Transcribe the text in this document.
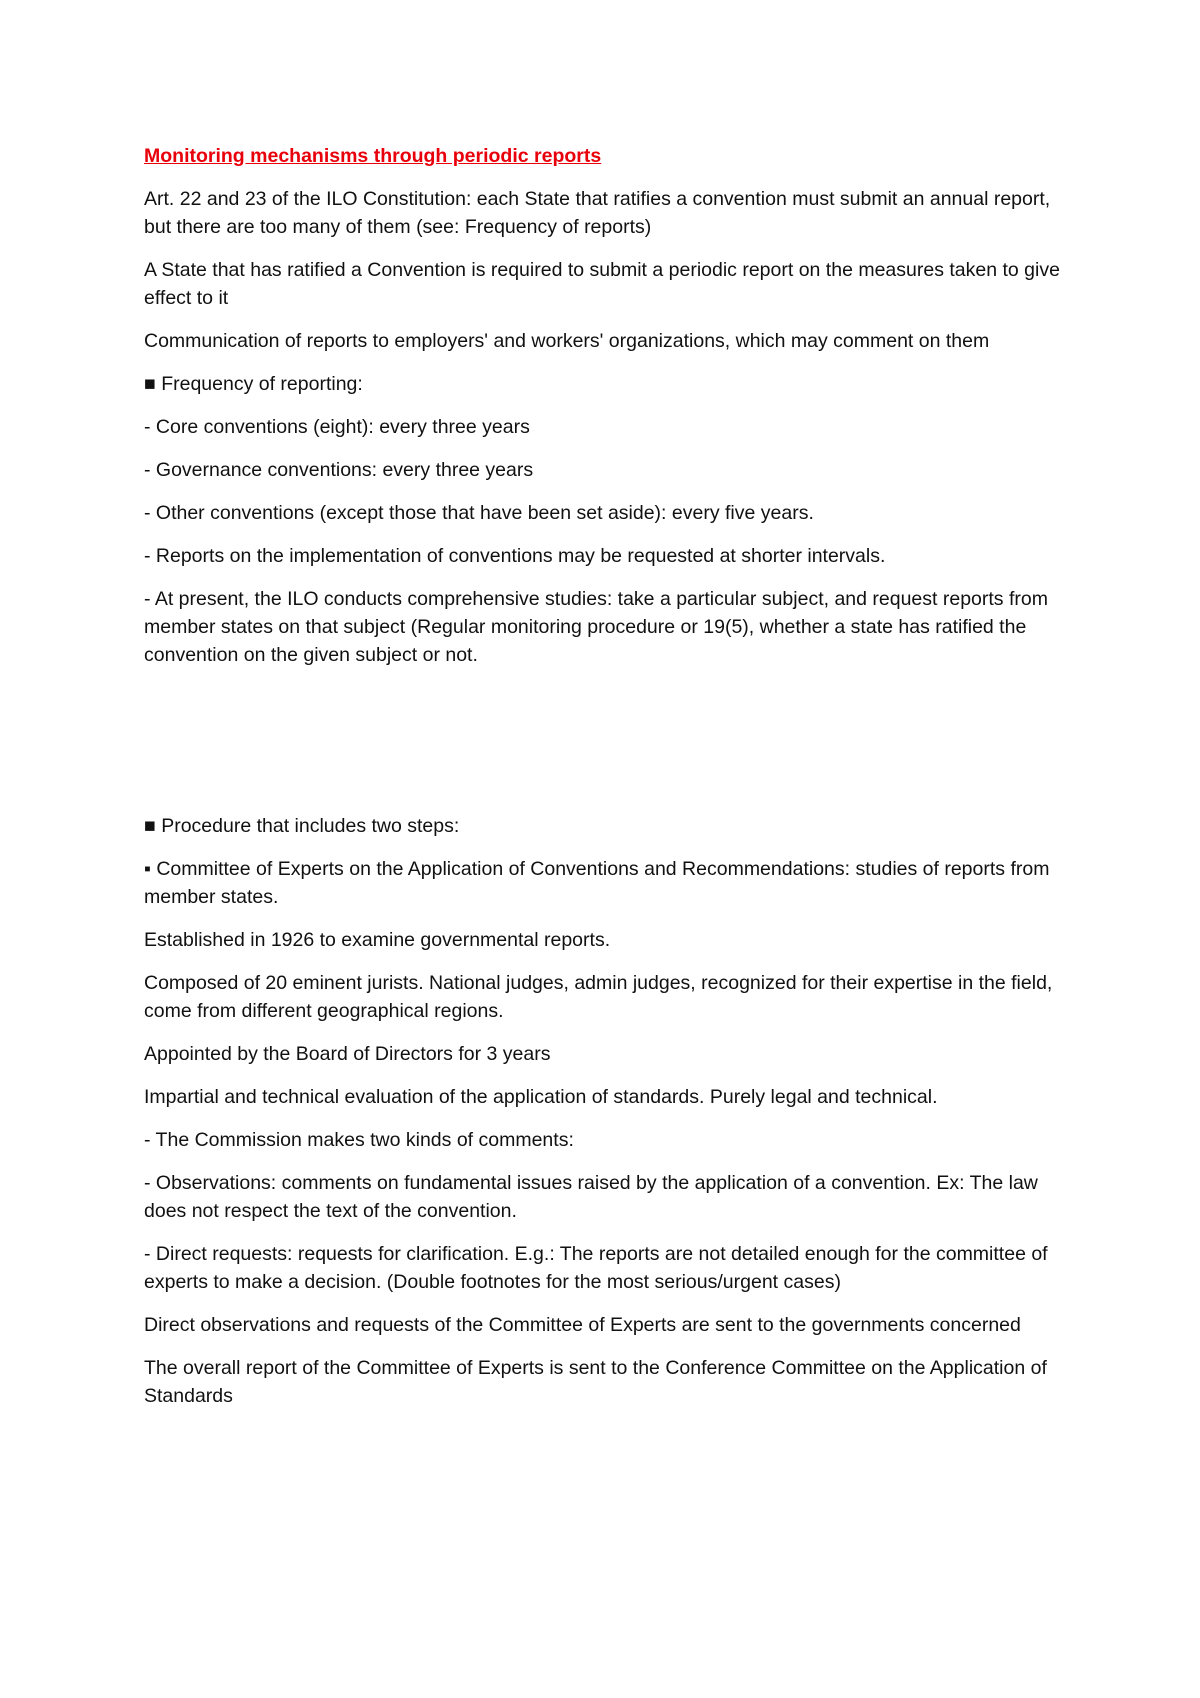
Monitoring mechanisms through periodic reports

Art. 22 and 23 of the ILO Constitution: each State that ratifies a convention must submit an annual report, but there are too many of them (see: Frequency of reports)

A State that has ratified a Convention is required to submit a periodic report on the measures taken to give effect to it

Communication of reports to employers' and workers' organizations, which may comment on them

■ Frequency of reporting:

- Core conventions (eight): every three years

- Governance conventions: every three years

- Other conventions (except those that have been set aside): every five years.

- Reports on the implementation of conventions may be requested at shorter intervals.

- At present, the ILO conducts comprehensive studies: take a particular subject, and request reports from member states on that subject (Regular monitoring procedure or 19(5), whether a state has ratified the convention on the given subject or not.

■ Procedure that includes two steps:

▪ Committee of Experts on the Application of Conventions and Recommendations: studies of reports from member states.

Established in 1926 to examine governmental reports.

Composed of 20 eminent jurists. National judges, admin judges, recognized for their expertise in the field, come from different geographical regions.

Appointed by the Board of Directors for 3 years

Impartial and technical evaluation of the application of standards. Purely legal and technical.

- The Commission makes two kinds of comments:

- Observations: comments on fundamental issues raised by the application of a convention. Ex: The law does not respect the text of the convention.

- Direct requests: requests for clarification. E.g.: The reports are not detailed enough for the committee of experts to make a decision. (Double footnotes for the most serious/urgent cases)

Direct observations and requests of the Committee of Experts are sent to the governments concerned

The overall report of the Committee of Experts is sent to the Conference Committee on the Application of Standards
